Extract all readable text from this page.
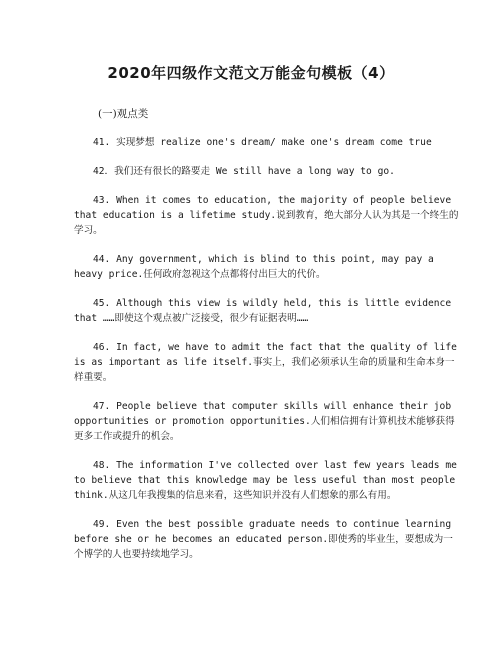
2020年四级作文范文万能金句模板（4）
(一)观点类

41. 实现梦想 realize one's dream/ make one's dream come true

42．我们还有很长的路要走 We still have a long way to go.

43. When it comes to education, the majority of people believe that education is a lifetime study.说到教育，绝大部分人认为其是一个终生的学习。

44. Any government, which is blind to this point, may pay a heavy price.任何政府忽视这个点都将付出巨大的代价。

45. Although this view is wildly held, this is little evidence that ……即使这个观点被广泛接受，很少有证据表明……

46. In fact, we have to admit the fact that the quality of life is as important as life itself.事实上，我们必须承认生命的质量和生命本身一样重要。

47. People believe that computer skills will enhance their job opportunities or promotion opportunities.人们相信拥有计算机技术能够获得更多工作或提升的机会。

48. The information I've collected over last few years leads me to believe that this knowledge may be less useful than most people think.从这几年我搜集的信息来看，这些知识并没有人们想象的那么有用。

49. Even the best possible graduate needs to continue learning before she or he becomes an educated person.即使秀的毕业生，要想成为一个博学的人也要持续地学习。
